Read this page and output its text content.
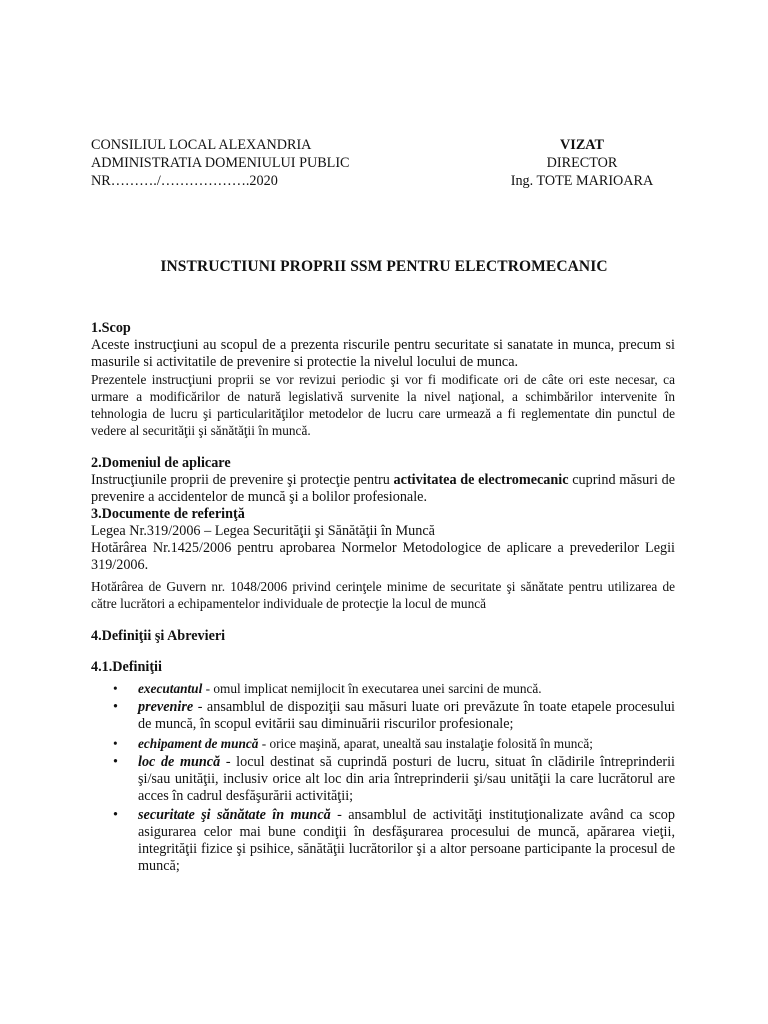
CONSILIUL LOCAL ALEXANDRIA
ADMINISTRATIA DOMENIULUI PUBLIC
NR………./……………….2020
VIZAT
DIRECTOR
Ing. TOTE MARIOARA
INSTRUCTIUNI PROPRII SSM PENTRU ELECTROMECANIC
1.Scop
Aceste instrucţiuni au scopul de a prezenta riscurile pentru securitate si sanatate in munca, precum si masurile si activitatile de prevenire si protectie la nivelul locului de munca.
Prezentele instrucţiuni proprii se vor revizui periodic şi vor fi modificate ori de câte ori este necesar, ca urmare a modificărilor de natură legislativă survenite la nivel naţional, a schimbărilor intervenite în tehnologia de lucru şi particularităţilor metodelor de lucru care urmează a fi reglementate din punctul de vedere al securităţii şi sănătăţii în muncă.
2.Domeniul de aplicare
Instrucţiunile proprii de prevenire şi protecţie pentru activitatea de electromecanic cuprind măsuri de prevenire a accidentelor de muncă şi a bolilor profesionale.
3.Documente de referinţă
Legea Nr.319/2006 – Legea Securităţii şi Sănătăţii în Muncă
Hotărârea Nr.1425/2006 pentru aprobarea Normelor Metodologice de aplicare a prevederilor Legii 319/2006.
Hotărârea de Guvern nr. 1048/2006 privind cerinţele minime de securitate şi sănătate pentru utilizarea de către lucrători a echipamentelor individuale de protecţie la locul de muncă
4.Definiţii şi Abrevieri
4.1.Definiţii
• executantul - omul implicat nemijlocit în executarea unei sarcini de muncă.
• prevenire - ansamblul de dispoziţii sau măsuri luate ori prevăzute în toate etapele procesului de muncă, în scopul evitării sau diminuării riscurilor profesionale;
• echipament de muncă - orice maşină, aparat, unealtă sau instalaţie folosită în muncă;
• loc de muncă - locul destinat să cuprindă posturi de lucru, situat în clădirile întreprinderii şi/sau unităţii, inclusiv orice alt loc din aria întreprinderii şi/sau unităţii la care lucrătorul are acces în cadrul desfăşurării activităţii;
• securitate şi sănătate în muncă - ansamblul de activităţi instituţionalizate având ca scop asigurarea celor mai bune condiţii în desfăşurarea procesului de muncă, apărarea vieţii, integrităţii fizice şi psihice, sănătăţii lucrătorilor şi a altor persoane participante la procesul de muncă;
